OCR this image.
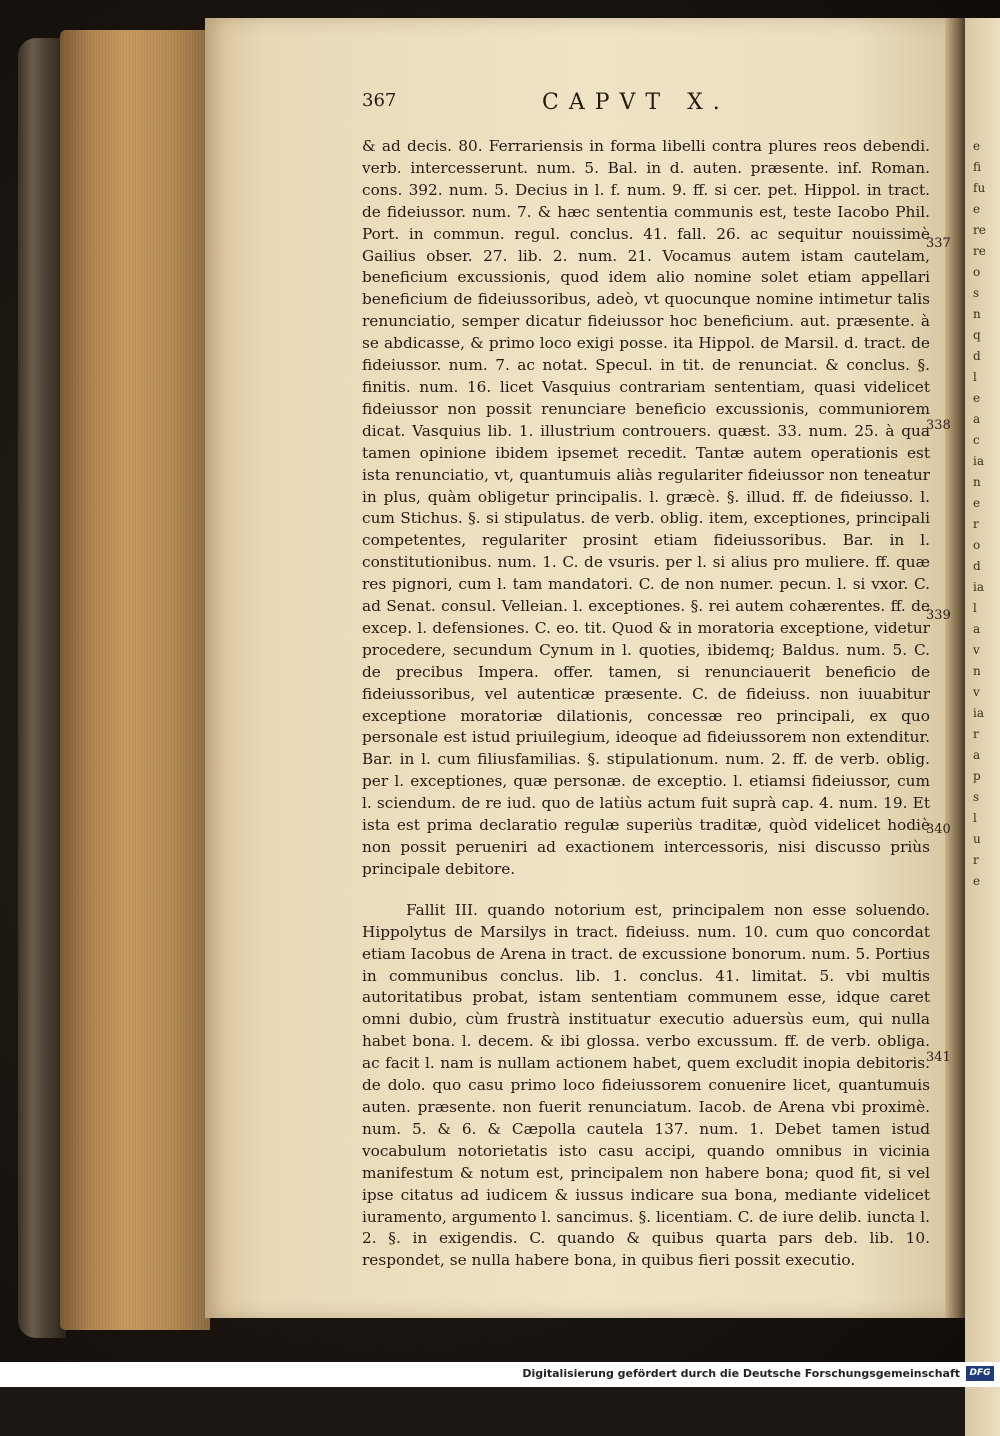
e
fi
fu
e
re
re
o
s
n
q
d
l
e
a
c
ia
n
e
r
o
d
ia
l
a
v
n
v
ia
r
a
p
s
l
u
r
e
367	CAPVT X.

& ad decis. 80. Ferrariensis in forma libelli contra plures reos debendi. verb. intercesserunt. num. 5. Bal. in d. auten. præsente. inf. Roman. cons. 392. num. 5. Decius in l. f. num. 9. ff. si cer. pet. Hippol. in tract. de fideiussor. num. 7. & hæc sententia communis est, teste Iacobo Phil. Port. in commun. regul. conclus. 41. fall. 26. ac sequitur nouissimè Gailius obser. 27. lib. 2. num. 21. Vocamus autem istam cautelam, beneficium excussionis, quod idem alio nomine solet etiam appellari beneficium de fideiussoribus, adeò, vt quocunque nomine intimetur talis renunciatio, semper dicatur fideiussor hoc beneficium. aut. præsente. à se abdicasse, & primo loco exigi posse. ita Hippol. de Marsil. d. tract. de fideiussor. num. 7. ac notat. Specul. in tit. de renunciat. & conclus. §. finitis. num. 16. licet Vasquius contrariam sententiam, quasi videlicet fideiussor non possit renunciare beneficio excussionis, communiorem dicat. Vasquius lib. 1. illustrium controuers. quæst. 33. num. 25. à qua tamen opinione ibidem ipsemet recedit. Tantæ autem operationis est ista renunciatio, vt, quantumuis aliàs regulariter fideiussor non teneatur in plus, quàm obligetur principalis. l. græcè. §. illud. ff. de fideiusso. l. cum Stichus. §. si stipulatus. de verb. oblig. item, exceptiones, principali competentes, regulariter prosint etiam fideiussoribus. Bar. in l. constitutionibus. num. 1. C. de vsuris. per l. si alius pro muliere. ff. quæ res pignori, cum l. tam mandatori. C. de non numer. pecun. l. si vxor. C. ad Senat. consul. Velleian. l. exceptiones. §. rei autem cohærentes. ff. de excep. l. defensiones. C. eo. tit. Quod & in moratoria exceptione, videtur procedere, secundum Cynum in l. quoties, ibidemq; Baldus. num. 5. C. de precibus Impera. offer. tamen, si renunciauerit beneficio de fideiussoribus, vel autenticæ præsente. C. de fideiuss. non iuuabitur exceptione moratoriæ dilationis, concessæ reo principali, ex quo personale est istud priuilegium, ideoque ad fideiussorem non extenditur. Bar. in l. cum filiusfamilias. §. stipulationum. num. 2. ff. de verb. oblig. per l. exceptiones, quæ personæ. de exceptio. l. etiamsi fideiussor, cum l. sciendum. de re iud. quo de latiùs actum fuit suprà cap. 4. num. 19. Et ista est prima declaratio regulæ superiùs traditæ, quòd videlicet hodiè non possit perueniri ad exactionem intercessoris, nisi discusso priùs principale debitore.

Fallit III. quando notorium est, principalem non esse soluendo. Hippolytus de Marsilys in tract. fideiuss. num. 10. cum quo concordat etiam Iacobus de Arena in tract. de excussione bonorum. num. 5. Portius in communibus conclus. lib. 1. conclus. 41. limitat. 5. vbi multis autoritatibus probat, istam sententiam communem esse, idque caret omni dubio, cùm frustrà instituatur executio aduersùs eum, qui nulla habet bona. l. decem. & ibi glossa. verbo excussum. ff. de verb. obliga. ac facit l. nam is nullam actionem habet, quem excludit inopia debitoris. de dolo. quo casu primo loco fideiussorem conuenire licet, quantumuis auten. præsente. non fuerit renunciatum. Iacob. de Arena vbi proximè. num. 5. & 6. & Cæpolla cautela 137. num. 1. Debet tamen istud vocabulum notorietatis isto casu accipi, quando omnibus in vicinia manifestum & notum est, principalem non habere bona; quod fit, si vel ipse citatus ad iudicem & iussus indicare sua bona, mediante videlicet iuramento, argumento l. sancimus. §. licentiam. C. de iure delib. iuncta l. 2. §. in exigendis. C. quando & quibus quarta pars deb. lib. 10. respondet, se nulla habere bona, in quibus fieri possit executio.

337
338
339
340
341
Digitalisierung gefördert durch die Deutsche Forschungsgemeinschaft	DFG
